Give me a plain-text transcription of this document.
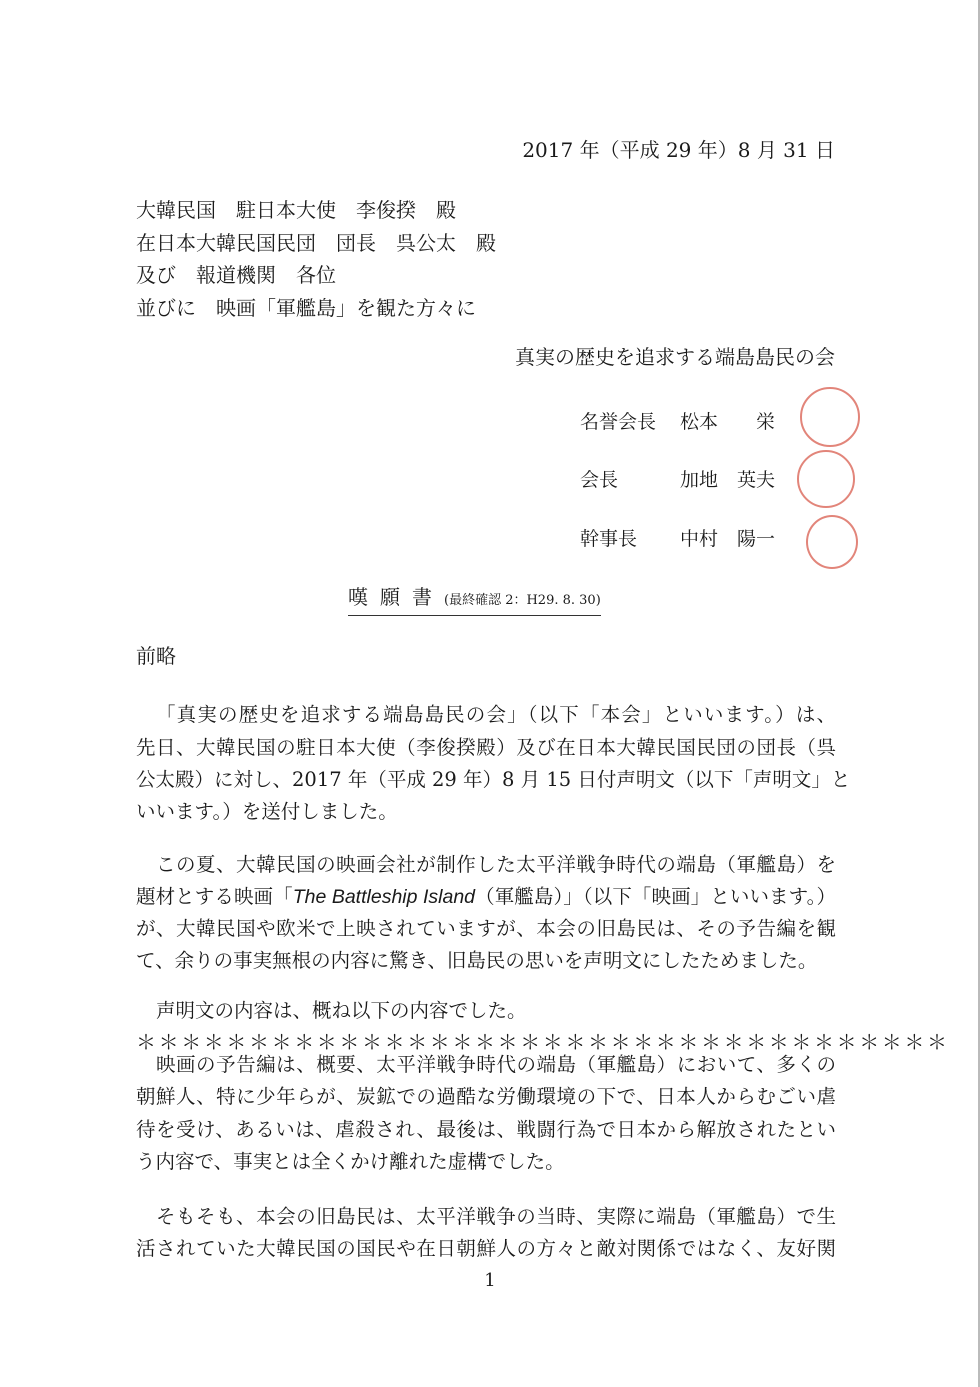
2017 年（平成 29 年）8 月 31 日
大韓民国　駐日本大使　李俊揆　殿
在日本大韓民国民団　団長　呉公太　殿
及び　報道機関　各位
並びに　映画「軍艦島」を観た方々に
真実の歴史を追求する端島島民の会
名誉会長 松本　　栄
会長	加地　英夫
幹事長 中村　陽一
嘆願書(最終確認 2：H29. 8. 30)
前略
「真実の歴史を追求する端島島民の会」（以下「本会」といいます。）は、
先日、大韓民国の駐日本大使（李俊揆殿）及び在日本大韓民国民団の団長（呉
公太殿）に対し、2017 年（平成 29 年）8 月 15 日付声明文（以下「声明文」と
いいます。）を送付しました。
この夏、大韓民国の映画会社が制作した太平洋戦争時代の端島（軍艦島）を
題材とする映画「The Battleship Island（軍艦島）」（以下「映画」といいます。）
が、大韓民国や欧米で上映されていますが、本会の旧島民は、その予告編を観
て、余りの事実無根の内容に驚き、旧島民の思いを声明文にしたためました。
声明文の内容は、概ね以下の内容でした。
＊＊＊＊＊＊＊＊＊＊＊＊＊＊＊＊＊＊＊＊＊＊＊＊＊＊＊＊＊＊＊＊＊＊＊＊
映画の予告編は、概要、太平洋戦争時代の端島（軍艦島）において、多くの
朝鮮人、特に少年らが、炭鉱での過酷な労働環境の下で、日本人からむごい虐
待を受け、あるいは、虐殺され、最後は、戦闘行為で日本から解放されたとい
う内容で、事実とは全くかけ離れた虚構でした。
そもそも、本会の旧島民は、太平洋戦争の当時、実際に端島（軍艦島）で生
活されていた大韓民国の国民や在日朝鮮人の方々と敵対関係ではなく、友好関
1
